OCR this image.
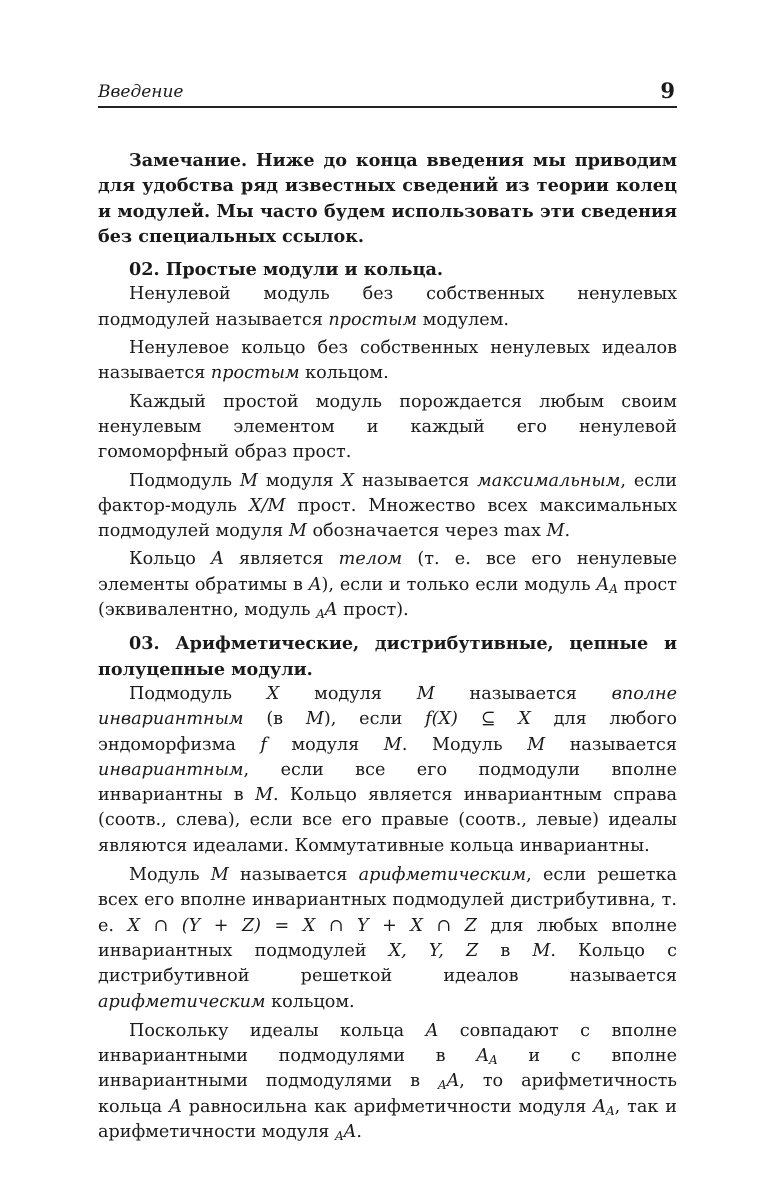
Введение	9

Замечание. Ниже до конца введения мы приводим для удобства ряд известных сведений из теории колец и модулей. Мы часто будем использовать эти сведения без специальных ссылок.

02. Простые модули и кольца.

Ненулевой модуль без собственных ненулевых подмодулей называется простым модулем.

Ненулевое кольцо без собственных ненулевых идеалов называется простым кольцом.

Каждый простой модуль порождается любым своим ненулевым элементом и каждый его ненулевой гомоморфный образ прост.

Подмодуль M модуля X называется максимальным, если фактор-модуль X/M прост. Множество всех максимальных подмодулей модуля M обозначается через max M.

Кольцо A является телом (т. е. все его ненулевые элементы обратимы в A), если и только если модуль $A_A$ прост (эквивалентно, модуль $_A$A прост).

03. Арифметические, дистрибутивные, цепные и полуцепные модули.

Подмодуль X модуля M называется вполне инвариантным (в M), если f(X) ⊆ X для любого эндоморфизма f модуля M. Модуль M называется инвариантным, если все его подмодули вполне инвариантны в M. Кольцо является инвариантным справа (соотв., слева), если все его правые (соотв., левые) идеалы являются идеалами. Коммутативные кольца инвариантны.

Модуль M называется арифметическим, если решетка всех его вполне инвариантных подмодулей дистрибутивна, т. е. X ∩ (Y + Z) = X ∩ Y + X ∩ Z для любых вполне инвариантных подмодулей X, Y, Z в M. Кольцо с дистрибутивной решеткой идеалов называется арифметическим кольцом.

Поскольку идеалы кольца A совпадают с вполне инвариантными подмодулями в $A_A$ и с вполне инвариантными подмодулями в $_A$A, то арифметичность кольца A равносильна как арифметичности модуля $A_A$, так и арифметичности модуля $_A$A.
